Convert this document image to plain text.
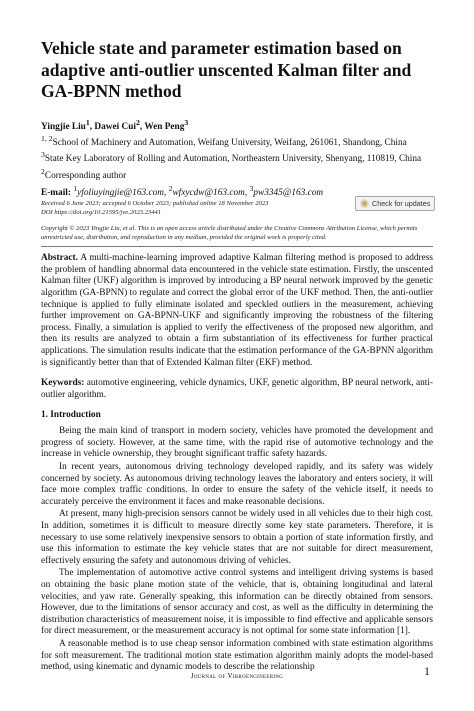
Vehicle state and parameter estimation based on adaptive anti-outlier unscented Kalman filter and GA-BPNN method
Yingjie Liu$^1$, Dawei Cui$^2$, Wen Peng$^3$
$^{1, 2}$School of Machinery and Automation, Weifang University, Weifang, 261061, Shandong, China
$^3$State Key Laboratory of Rolling and Automation, Northeastern University, Shenyang, 110819, China
$^2$Corresponding author
E-mail: $^1$yfoliuyingjie@163.com, $^2$wfxycdw@163.com, $^3$pw3345@163.com
Received 6 June 2023; accepted 6 October 2023; published online 18 November 2023
DOI https://doi.org/10.21595/jve.2023.23441
Check for updates
Copyright © 2023 Yingjie Liu, et al. This is an open access article distributed under the Creative Commons Attribution License, which permits unrestricted use, distribution, and reproduction in any medium, provided the original work is properly cited.
Abstract. A multi-machine-learning improved adaptive Kalman filtering method is proposed to address the problem of handling abnormal data encountered in the vehicle state estimation. Firstly, the unscented Kalman filter (UKF) algorithm is improved by introducing a BP neural network improved by the genetic algorithm (GA-BPNN) to regulate and correct the global error of the UKF method. Then, the anti-outlier technique is applied to fully eliminate isolated and speckled outliers in the measurement, achieving further improvement on GA-BPNN-UKF and significantly improving the robustness of the filtering process. Finally, a simulation is applied to verify the effectiveness of the proposed new algorithm, and then its results are analyzed to obtain a firm substantiation of its effectiveness for further practical applications. The simulation results indicate that the estimation performance of the GA-BPNN algorithm is significantly better than that of Extended Kalman filter (EKF) method.
Keywords: automotive engineering, vehicle dynamics, UKF, genetic algorithm, BP neural network, anti-outlier algorithm.
1. Introduction

Being the main kind of transport in modern society, vehicles have promoted the development and progress of society. However, at the same time, with the rapid rise of automotive technology and the increase in vehicle ownership, they brought significant traffic safety hazards.

In recent years, autonomous driving technology developed rapidly, and its safety was widely concerned by society. As autonomous driving technology leaves the laboratory and enters society, it will face more complex traffic conditions. In order to ensure the safety of the vehicle itself, it needs to accurately perceive the environment it faces and make reasonable decisions.

At present, many high-precision sensors cannot be widely used in all vehicles due to their high cost. In addition, sometimes it is difficult to measure directly some key state parameters. Therefore, it is necessary to use some relatively inexpensive sensors to obtain a portion of state information firstly, and use this information to estimate the key vehicle states that are not suitable for direct measurement, effectively ensuring the safety and autonomous driving of vehicles.

The implementation of automotive active control systems and intelligent driving systems is based on obtaining the basic plane motion state of the vehicle, that is, obtaining longitudinal and lateral velocities, and yaw rate. Generally speaking, this information can be directly obtained from sensors. However, due to the limitations of sensor accuracy and cost, as well as the difficulty in determining the distribution characteristics of measurement noise, it is impossible to find effective and applicable sensors for direct measurement, or the measurement accuracy is not optimal for some state information [1].

A reasonable method is to use cheap sensor information combined with state estimation algorithms for soft measurement. The traditional motion state estimation algorithm mainly adopts the model-based method, using kinematic and dynamic models to describe the relationship

Journal of Vibroengineering	1
